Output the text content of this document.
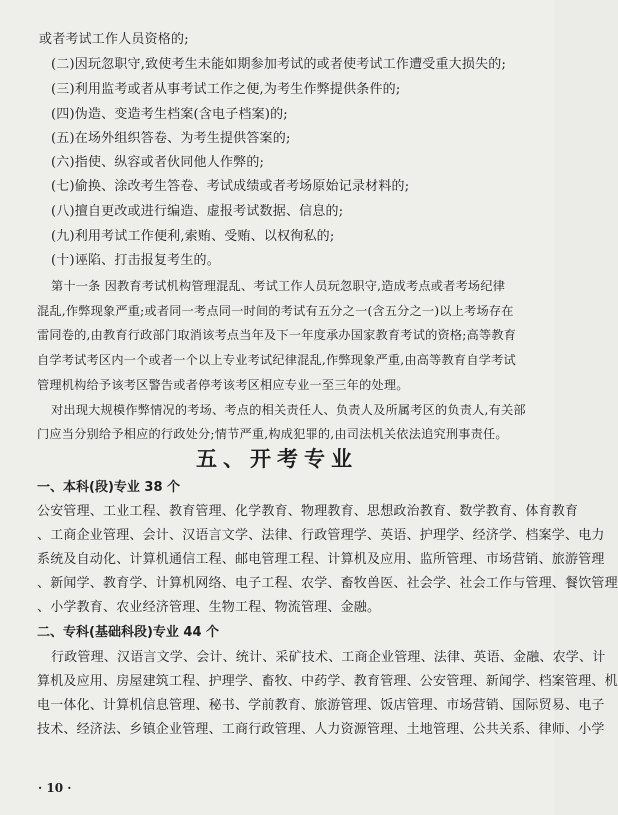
或者考试工作人员资格的;
(二)因玩忽职守,致使考生未能如期参加考试的或者使考试工作遭受重大损失的;
(三)利用监考或者从事考试工作之便,为考生作弊提供条件的;
(四)伪造、变造考生档案(含电子档案)的;
(五)在场外组织答卷、为考生提供答案的;
(六)指使、纵容或者伙同他人作弊的;
(七)偷换、涂改考生答卷、考试成绩或者考场原始记录材料的;
(八)擅自更改或进行编造、虚报考试数据、信息的;
(九)利用考试工作便利,索贿、受贿、以权徇私的;
(十)诬陷、打击报复考生的。
第十一条 因教育考试机构管理混乱、考试工作人员玩忽职守,造成考点或者考场纪律
混乱,作弊现象严重;或者同一考点同一时间的考试有五分之一(含五分之一)以上考场存在
雷同卷的,由教育行政部门取消该考点当年及下一年度承办国家教育考试的资格;高等教育
自学考试考区内一个或者一个以上专业考试纪律混乱,作弊现象严重,由高等教育自学考试
管理机构给予该考区警告或者停考该考区相应专业一至三年的处理。
对出现大规模作弊情况的考场、考点的相关责任人、负责人及所属考区的负责人,有关部
门应当分别给予相应的行政处分;情节严重,构成犯罪的,由司法机关依法追究刑事责任。
五、开考专业
一、本科(段)专业 38 个
公安管理、工业工程、教育管理、化学教育、物理教育、思想政治教育、数学教育、体育教育
、工商企业管理、会计、汉语言文学、法律、行政管理学、英语、护理学、经济学、档案学、电力
系统及自动化、计算机通信工程、邮电管理工程、计算机及应用、监所管理、市场营销、旅游管理
、新闻学、教育学、计算机网络、电子工程、农学、畜牧兽医、社会学、社会工作与管理、餐饮管理
、小学教育、农业经济管理、生物工程、物流管理、金融。
二、专科(基础科段)专业 44 个
行政管理、汉语言文学、会计、统计、采矿技术、工商企业管理、法律、英语、金融、农学、计
算机及应用、房屋建筑工程、护理学、畜牧、中药学、教育管理、公安管理、新闻学、档案管理、机
电一体化、计算机信息管理、秘书、学前教育、旅游管理、饭店管理、市场营销、国际贸易、电子
技术、经济法、乡镇企业管理、工商行政管理、人力资源管理、土地管理、公共关系、律师、小学
· 10 ·
